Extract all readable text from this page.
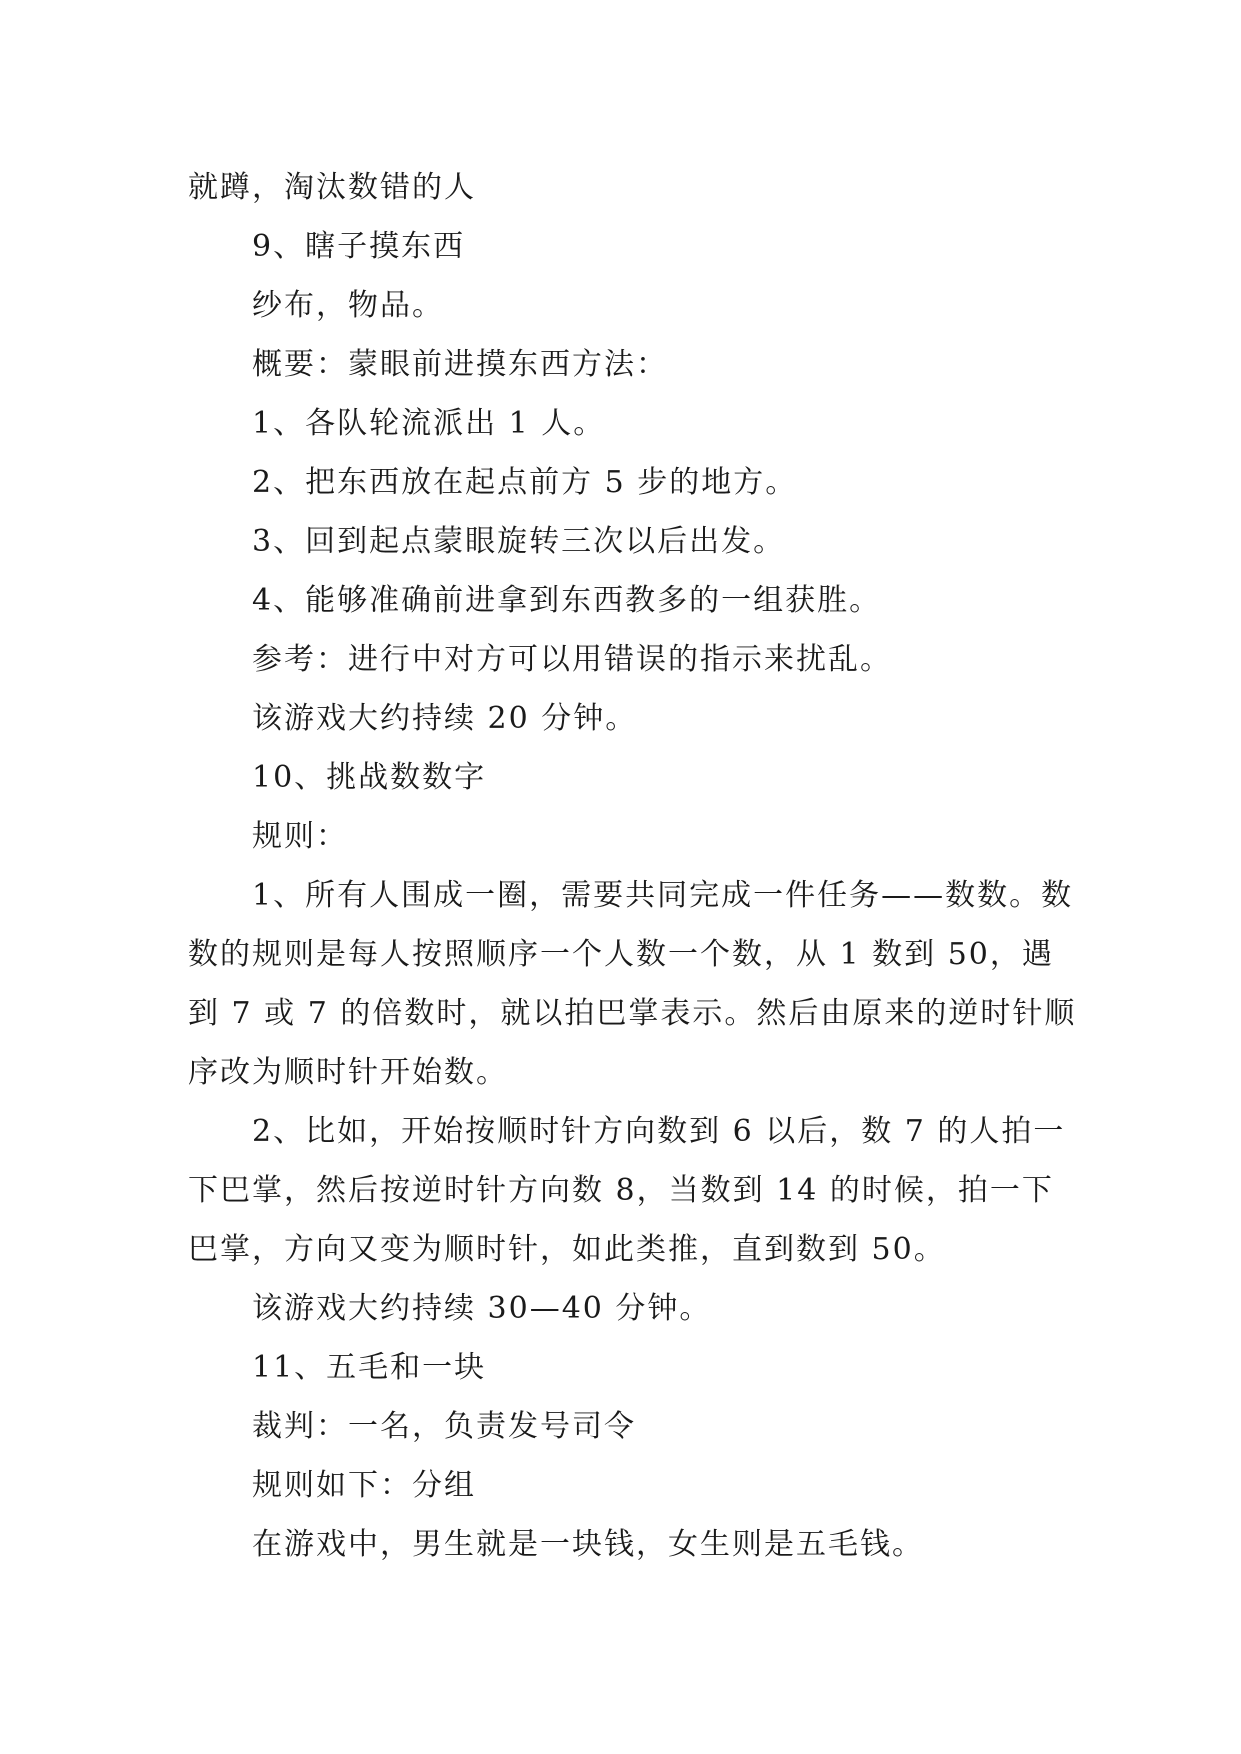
就蹲，淘汰数错的人

9、瞎子摸东西

纱布，物品。

概要：蒙眼前进摸东西方法：

1、各队轮流派出 1 人。

2、把东西放在起点前方 5 步的地方。

3、回到起点蒙眼旋转三次以后出发。

4、能够准确前进拿到东西教多的一组获胜。

参考：进行中对方可以用错误的指示来扰乱。

该游戏大约持续 20 分钟。

10、挑战数数字

规则：

1、所有人围成一圈，需要共同完成一件任务——数数。数数的规则是每人按照顺序一个人数一个数，从 1 数到 50，遇到 7 或 7 的倍数时，就以拍巴掌表示。然后由原来的逆时针顺序改为顺时针开始数。

2、比如，开始按顺时针方向数到 6 以后，数 7 的人拍一下巴掌，然后按逆时针方向数 8，当数到 14 的时候，拍一下巴掌，方向又变为顺时针，如此类推，直到数到 50。

该游戏大约持续 30—40 分钟。

11、五毛和一块

裁判：一名，负责发号司令

规则如下：分组

在游戏中，男生就是一块钱，女生则是五毛钱。
